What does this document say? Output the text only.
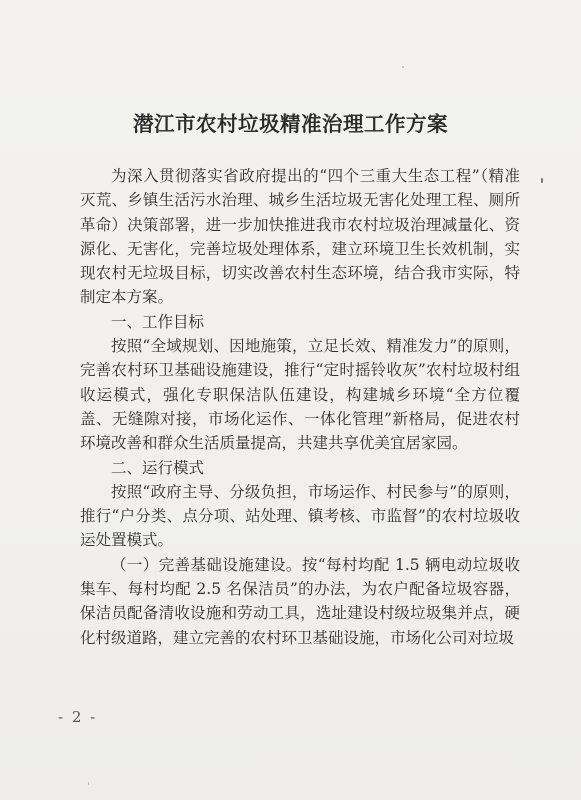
潜江市农村垃圾精准治理工作方案

为深入贯彻落实省政府提出的“四个三重大生态工程”（精准灭荒、乡镇生活污水治理、城乡生活垃圾无害化处理工程、厕所革命）决策部署，进一步加快推进我市农村垃圾治理减量化、资源化、无害化，完善垃圾处理体系，建立环境卫生长效机制，实现农村无垃圾目标，切实改善农村生态环境，结合我市实际，特制定本方案。

一、工作目标

按照“全域规划、因地施策，立足长效、精准发力”的原则，完善农村环卫基础设施建设，推行“定时摇铃收灰”农村垃圾村组收运模式，强化专职保洁队伍建设，构建城乡环境“全方位覆盖、无缝隙对接，市场化运作、一体化管理”新格局，促进农村环境改善和群众生活质量提高，共建共享优美宜居家园。

二、运行模式

按照“政府主导、分级负担，市场运作、村民参与”的原则，推行“户分类、点分项、站处理、镇考核、市监督”的农村垃圾收运处置模式。

（一）完善基础设施建设。按“每村均配 1.5 辆电动垃圾收集车、每村均配 2.5 名保洁员”的办法，为农户配备垃圾容器，保洁员配备清收设施和劳动工具，选址建设村级垃圾集并点，硬化村级道路，建立完善的农村环卫基础设施，市场化公司对垃圾

- 2 -
